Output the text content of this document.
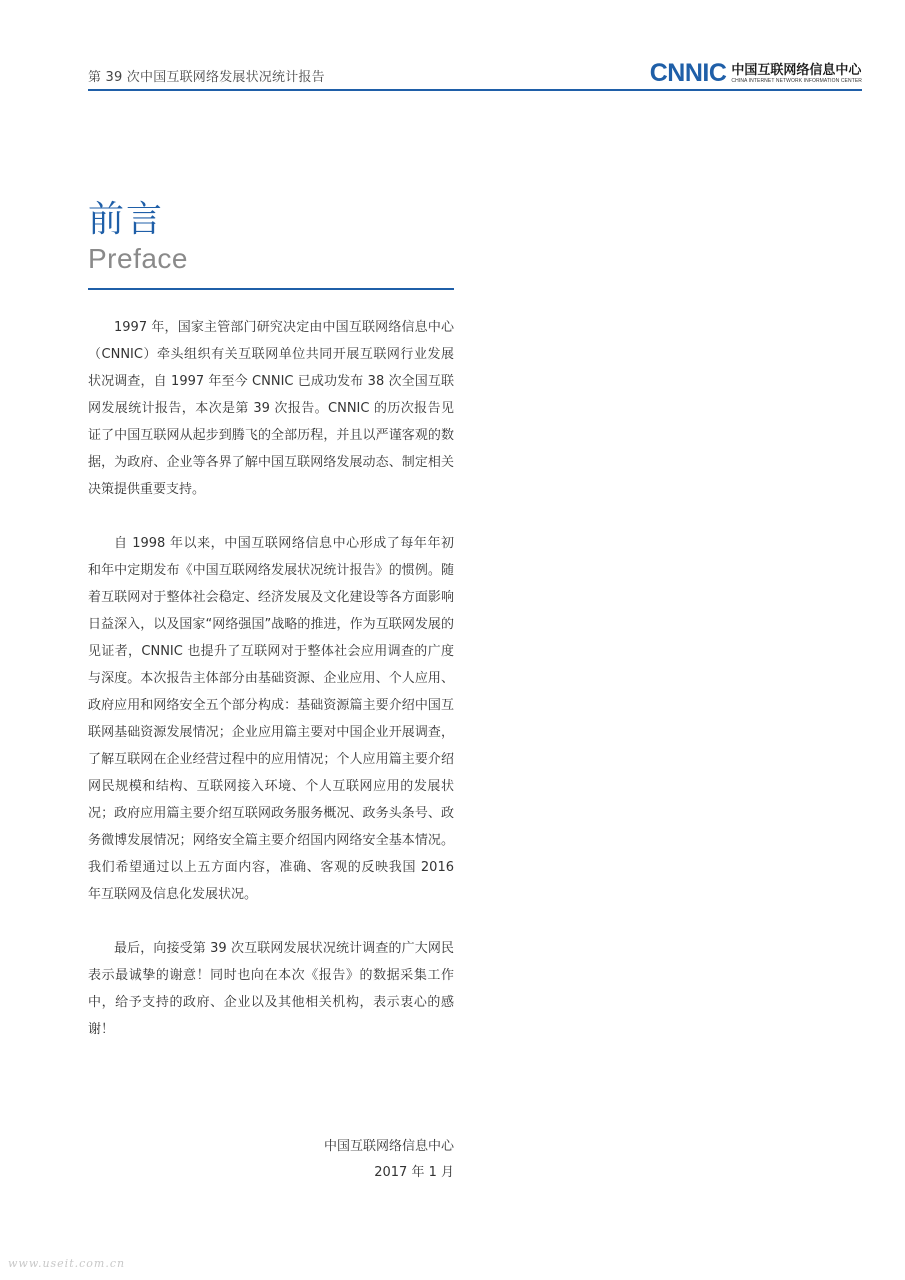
第 39 次中国互联网络发展状况统计报告	CNNIC 中国互联网络信息中心
CHINA INTERNET NETWORK INFORMATION CENTER
前言
Preface

1997 年，国家主管部门研究决定由中国互联网络信息中心（CNNIC）牵头组织有关互联网单位共同开展互联网行业发展状况调查，自 1997 年至今 CNNIC 已成功发布 38 次全国互联网发展统计报告，本次是第 39 次报告。CNNIC 的历次报告见证了中国互联网从起步到腾飞的全部历程，并且以严谨客观的数据，为政府、企业等各界了解中国互联网络发展动态、制定相关决策提供重要支持。

自 1998 年以来，中国互联网络信息中心形成了每年年初和年中定期发布《中国互联网络发展状况统计报告》的惯例。随着互联网对于整体社会稳定、经济发展及文化建设等各方面影响日益深入，以及国家“网络强国”战略的推进，作为互联网发展的见证者，CNNIC 也提升了互联网对于整体社会应用调查的广度与深度。本次报告主体部分由基础资源、企业应用、个人应用、政府应用和网络安全五个部分构成：基础资源篇主要介绍中国互联网基础资源发展情况；企业应用篇主要对中国企业开展调查，了解互联网在企业经营过程中的应用情况；个人应用篇主要介绍网民规模和结构、互联网接入环境、个人互联网应用的发展状况；政府应用篇主要介绍互联网政务服务概况、政务头条号、政务微博发展情况；网络安全篇主要介绍国内网络安全基本情况。我们希望通过以上五方面内容，准确、客观的反映我国 2016 年互联网及信息化发展状况。

最后，向接受第 39 次互联网发展状况统计调查的广大网民表示最诚挚的谢意！同时也向在本次《报告》的数据采集工作中，给予支持的政府、企业以及其他相关机构，表示衷心的感谢！

中国互联网络信息中心
2017 年 1 月
www.useit.com.cn
